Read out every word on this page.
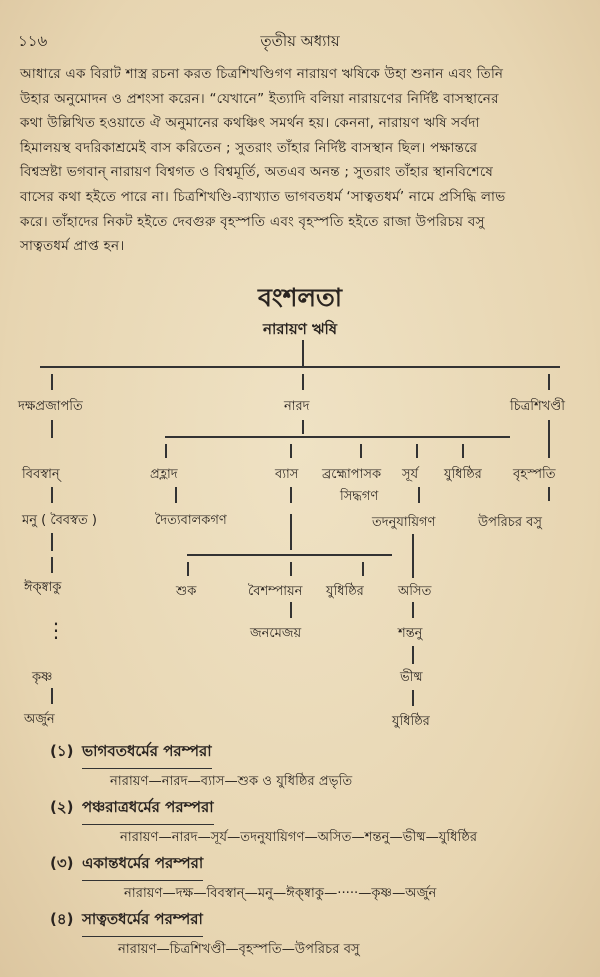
১১৬	তৃতীয় অধ্যায়
আধারে এক বিরাট শাস্ত্র রচনা করত চিত্রশিখণ্ডিগণ নারায়ণ ঋষিকে উহা শুনান এবং তিনি
উহার অনুমোদন ও প্রশংসা করেন। “যেখানে” ইত্যাদি বলিয়া নারায়ণের নির্দিষ্ট বাসস্থানের
কথা উল্লিখিত হওয়াতে ঐ অনুমানের কথঞ্চিৎ সমর্থন হয়। কেননা, নারায়ণ ঋষি সর্বদা
হিমালয়স্থ বদরিকাশ্রমেই বাস করিতেন ; সুতরাং তাঁহার নির্দিষ্ট বাসস্থান ছিল। পক্ষান্তরে
বিশ্বস্রষ্টা ভগবান্ নারায়ণ বিশ্বগত ও বিশ্বমূর্তি, অতএব অনন্ত ; সুতরাং তাঁহার স্থানবিশেষে
বাসের কথা হইতে পারে না। চিত্রশিখণ্ডি-ব্যাখ্যাত ভাগবতধর্ম ‘সাত্বতধর্ম’ নামে প্রসিদ্ধি লাভ
করে। তাঁহাদের নিকট হইতে দেবগুরু বৃহস্পতি এবং বৃহস্পতি হইতে রাজা উপরিচয় বসু
সাত্বতধর্ম প্রাপ্ত হন।
বংশলতা
নারায়ণ ঋষি
দক্ষপ্রজাপতি	নারদ	চিত্রশিখণ্ডী
বিবস্বান্	প্রহ্লাদ	ব্যাস ব্রহ্মোপাসক
সিদ্ধগণ
সূর্য যুধিষ্ঠির বৃহস্পতি
মনু ( বৈবস্বত )	দৈত্যবালকগণ	তদনুযায়িগণ	উপরিচর বসু
ঈক্ষ্বাকু	শুক	বৈশম্পায়ন যুধিষ্ঠির	অসিত
⋮	জনমেজয়	শন্তনু
কৃষ্ণ	ভীষ্ম
অর্জুন	যুধিষ্ঠির
(১) ভাগবতধর্মের পরম্পরা
নারায়ণ—নারদ—ব্যাস—শুক ও যুধিষ্ঠির প্রভৃতি
(২) পঞ্চরাত্রধর্মের পরম্পরা
নারায়ণ—নারদ—সূর্য—তদনুযায়িগণ—অসিত—শন্তনু—ভীষ্ম—যুধিষ্ঠির
(৩) একান্তধর্মের পরম্পরা
নারায়ণ—দক্ষ—বিবস্বান্—মনু—ঈক্ষ্বাকু—·····—কৃষ্ণ—অর্জুন
(৪) সাত্বতধর্মের পরম্পরা
নারায়ণ—চিত্রশিখণ্ডী—বৃহস্পতি—উপরিচর বসু
